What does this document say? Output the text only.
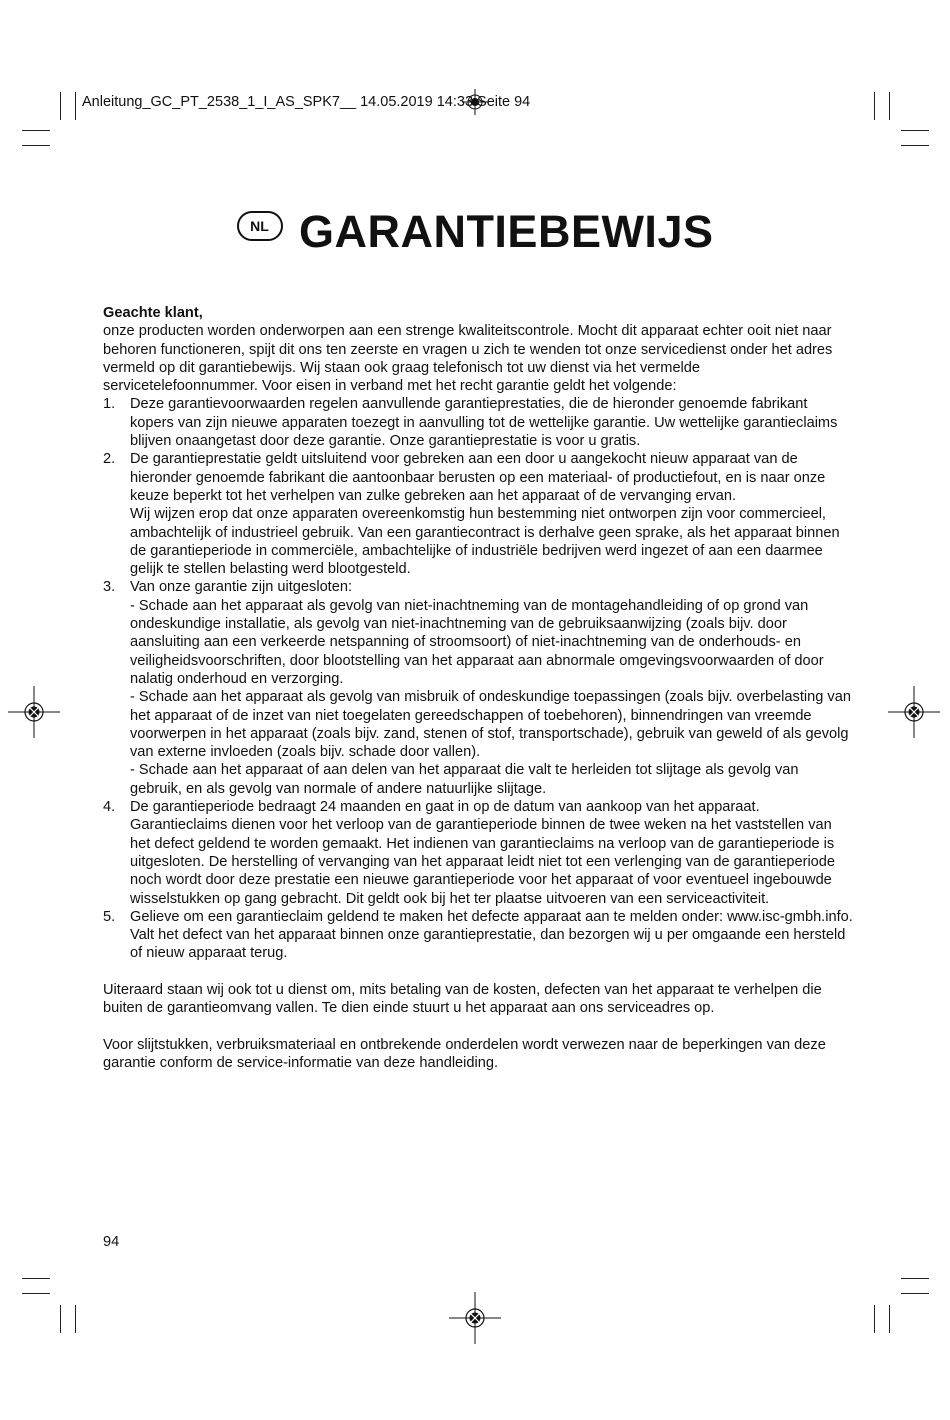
Anleitung_GC_PT_2538_1_I_AS_SPK7__ 14.05.2019 14:33 Seite 94
NL GARANTIEBEWIJS

Geachte klant,

onze producten worden onderworpen aan een strenge kwaliteitscontrole. Mocht dit apparaat echter ooit niet naar behoren functioneren, spijt dit ons ten zeerste en vragen u zich te wenden tot onze servicedienst onder het adres vermeld op dit garantiebewijs. Wij staan ook graag telefonisch tot uw dienst via het vermelde servicetelefoonnummer. Voor eisen in verband met het recht garantie geldt het volgende:

1. Deze garantievoorwaarden regelen aanvullende garantieprestaties, die de hieronder genoemde fabrikant kopers van zijn nieuwe apparaten toezegt in aanvulling tot de wettelijke garantie. Uw wettelijke garantieclaims blijven onaangetast door deze garantie. Onze garantieprestatie is voor u gratis.

2. De garantieprestatie geldt uitsluitend voor gebreken aan een door u aangekocht nieuw apparaat van de hieronder genoemde fabrikant die aantoonbaar berusten op een materiaal- of productiefout, en is naar onze keuze beperkt tot het verhelpen van zulke gebreken aan het apparaat of de vervanging ervan.

Wij wijzen erop dat onze apparaten overeenkomstig hun bestemming niet ontworpen zijn voor commercieel, ambachtelijk of industrieel gebruik. Van een garantiecontract is derhalve geen sprake, als het apparaat binnen de garantieperiode in commerciële, ambachtelijke of industriële bedrijven werd ingezet of aan een daarmee gelijk te stellen belasting werd blootgesteld.

3. Van onze garantie zijn uitgesloten:

- Schade aan het apparaat als gevolg van niet-inachtneming van de montagehandleiding of op grond van ondeskundige installatie, als gevolg van niet-inachtneming van de gebruiksaanwijzing (zoals bijv. door aansluiting aan een verkeerde netspanning of stroomsoort) of niet-inachtneming van de onderhouds- en veiligheidsvoorschriften, door blootstelling van het apparaat aan abnormale omgevingsvoorwaarden of door nalatig onderhoud en verzorging.

- Schade aan het apparaat als gevolg van misbruik of ondeskundige toepassingen (zoals bijv. overbelasting van het apparaat of de inzet van niet toegelaten gereedschappen of toebehoren), binnendringen van vreemde voorwerpen in het apparaat (zoals bijv. zand, stenen of stof, transportschade), gebruik van geweld of als gevolg van externe invloeden (zoals bijv. schade door vallen).

- Schade aan het apparaat of aan delen van het apparaat die valt te herleiden tot slijtage als gevolg van gebruik, en als gevolg van normale of andere natuurlijke slijtage.

4. De garantieperiode bedraagt 24 maanden en gaat in op de datum van aankoop van het apparaat. Garantieclaims dienen voor het verloop van de garantieperiode binnen de twee weken na het vaststellen van het defect geldend te worden gemaakt. Het indienen van garantieclaims na verloop van de garantieperiode is uitgesloten. De herstelling of vervanging van het apparaat leidt niet tot een verlenging van de garantieperiode noch wordt door deze prestatie een nieuwe garantieperiode voor het apparaat of voor eventueel ingebouwde wisselstukken op gang gebracht. Dit geldt ook bij het ter plaatse uitvoeren van een serviceactiviteit.

5. Gelieve om een garantieclaim geldend te maken het defecte apparaat aan te melden onder: www.isc-gmbh.info. Valt het defect van het apparaat binnen onze garantieprestatie, dan bezorgen wij u per omgaande een hersteld of nieuw apparaat terug.

Uiteraard staan wij ook tot u dienst om, mits betaling van de kosten, defecten van het apparaat te verhelpen die buiten de garantieomvang vallen. Te dien einde stuurt u het apparaat aan ons serviceadres op.

Voor slijtstukken, verbruiksmateriaal en ontbrekende onderdelen wordt verwezen naar de beperkingen van deze garantie conform de service-informatie van deze handleiding.

94
